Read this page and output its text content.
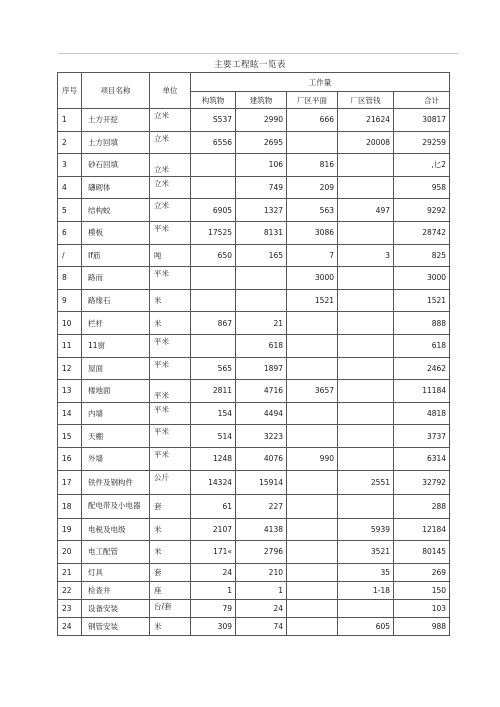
主要工程眩一览表
序号	项目名称	单位	工作量				
			构筑物	建筑物	厂区平面	厂区管钱	合计
1	土方开挖	立米	S537	2990	666	21624	30817
2	土方回填	立米	6556	2695		20008	29259
3	砂石回填	立米		106	816		,匕2
4	礴砌体	立米		749	209		958
5	结构蛟	立米	6905	1327	563	497	9292
6	模板	平米	17525	8131	3086		28742
/	If筋	吨	650	165	7	3	825
8	路而	平米			3000		3000
9	路缘石	米			1521		1521
10	栏杆	米	867	21			888
11	11窗	平米		618			618
12	屋面	平米	565	1897			2462
13	楼地面	平米	2811	4716	3657		11184
14	内墙	平米	154	4494			4818
15	天棚	平米	514	3223			3737
16	外墙	平米	1248	4076	990		6314
17	铁件及钢构件	公斤	14324	15914		2551	32792
18	配电带及小电器	套	61	227			288
19	电税及电级	米	2107	4138		5939	12184
20	电工配管	米	171«	2796		3521	80145
21	灯具	套	24	210		35	269
22	检查井	座	1	1		1-18	150
23	设备安装	台/套	79	24			103
24	钢管安装	米	309	74		605	988
